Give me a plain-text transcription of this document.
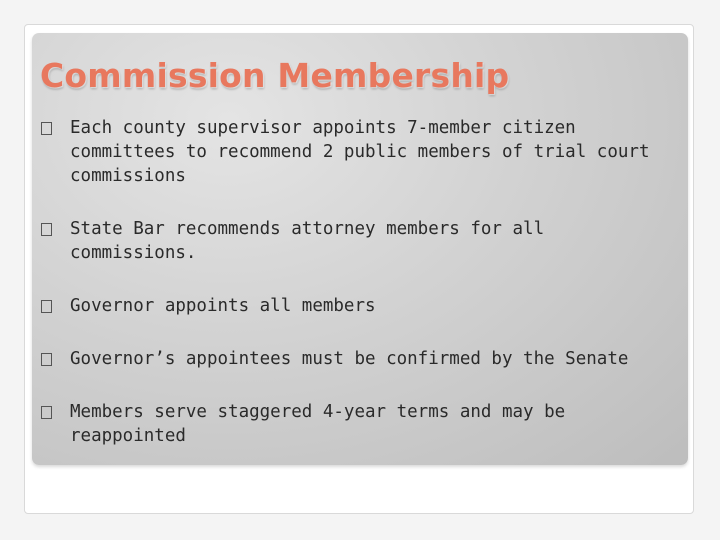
Commission Membership
Each county supervisor appoints 7-member citizen committees to recommend 2 public members of trial court commissions
State Bar recommends attorney members for all commissions.
Governor appoints all members
Governor’s appointees must be confirmed by the Senate
Members serve staggered 4-year terms and may be reappointed
